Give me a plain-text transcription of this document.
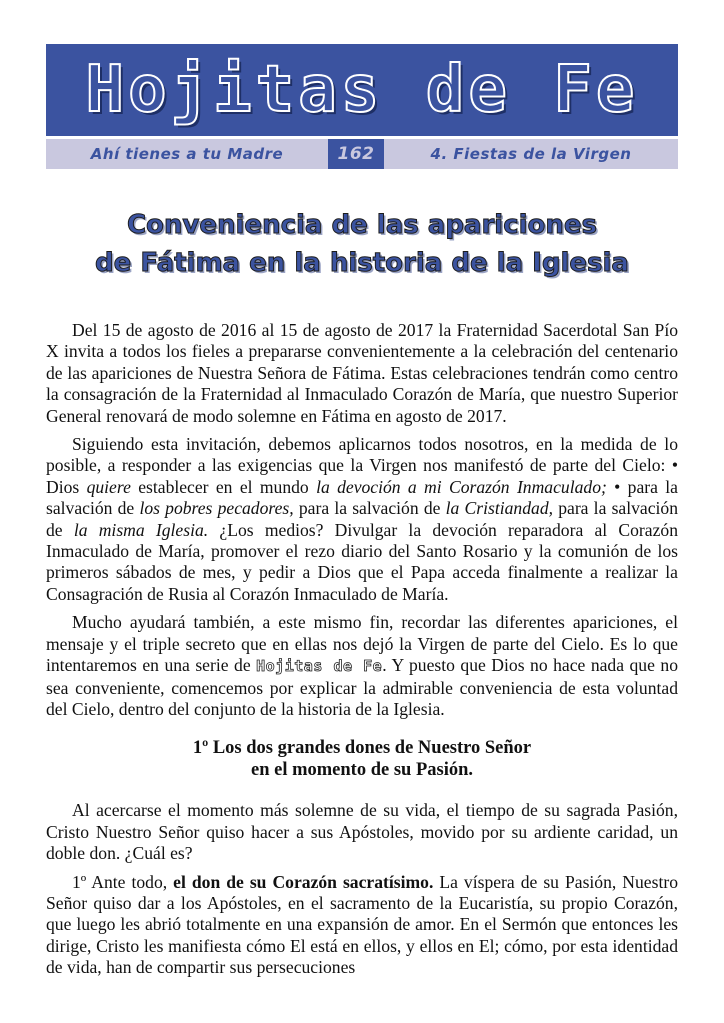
Hojitas de Fe
Ahí tienes a tu Madre	162	4. Fiestas de la Virgen
Conveniencia de las apariciones
de Fátima en la historia de la Iglesia

Del 15 de agosto de 2016 al 15 de agosto de 2017 la Fraternidad Sacerdotal San Pío X invita a todos los fieles a prepararse convenientemente a la celebración del centenario de las apariciones de Nuestra Señora de Fátima. Estas celebraciones tendrán como centro la consagración de la Fraternidad al Inmaculado Corazón de María, que nuestro Superior General renovará de modo solemne en Fátima en agosto de 2017.

Siguiendo esta invitación, debemos aplicarnos todos nosotros, en la medida de lo posible, a responder a las exigencias que la Virgen nos manifestó de parte del Cielo: • Dios quiere establecer en el mundo la devoción a mi Corazón Inmaculado; • para la salvación de los pobres pecadores, para la salvación de la Cristiandad, para la salvación de la misma Iglesia. ¿Los medios? Divulgar la devoción reparadora al Corazón Inmaculado de María, promover el rezo diario del Santo Rosario y la comunión de los primeros sábados de mes, y pedir a Dios que el Papa acceda finalmente a realizar la Consagración de Rusia al Corazón Inmaculado de María.

Mucho ayudará también, a este mismo fin, recordar las diferentes apariciones, el mensaje y el triple secreto que en ellas nos dejó la Virgen de parte del Cielo. Es lo que intentaremos en una serie de Hojitas de Fe. Y puesto que Dios no hace nada que no sea conveniente, comencemos por explicar la admirable conveniencia de esta voluntad del Cielo, dentro del conjunto de la historia de la Iglesia.

1º Los dos grandes dones de Nuestro Señor
en el momento de su Pasión.

Al acercarse el momento más solemne de su vida, el tiempo de su sagrada Pasión, Cristo Nuestro Señor quiso hacer a sus Apóstoles, movido por su ardiente caridad, un doble don. ¿Cuál es?

1º Ante todo, el don de su Corazón sacratísimo. La víspera de su Pasión, Nuestro Señor quiso dar a los Apóstoles, en el sacramento de la Eucaristía, su propio Corazón, que luego les abrió totalmente en una expansión de amor. En el Sermón que entonces les dirige, Cristo les manifiesta cómo El está en ellos, y ellos en El; cómo, por esta identidad de vida, han de compartir sus persecuciones
